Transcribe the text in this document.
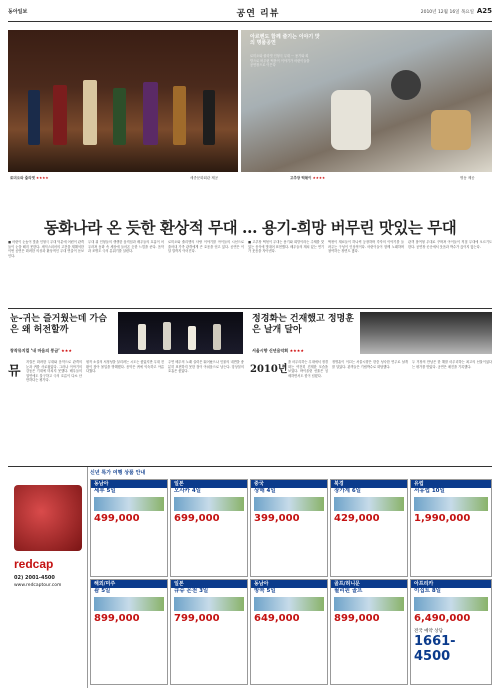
동아일보	공연 리뷰	2010년 12월 16일 목요일 A25
아르헨도 함께 즐기는 이야기 맛의 명품공연
로미오와 줄리엣 인형극 무대 ··· 용기와 희망으로 버무린 떡볶이 이야기가 어린이들을 공연장으로 이끈다
로미오와 줄리엣 ★★★★	세종문화회관 제공	고추장 떡볶이 ★★★★	명동 제공
동화나라 온 듯한 환상적 무대 … 용기-희망 버무린 맛있는 무대
■ 어린이 눈높이 맞춘 인형극 무대 덕분에 어린이 관객들이 눈을 떼지 못한다. 셰익스피어의 고전을 재해석한 이번 공연은 화려한 의상과 환상적인 무대 연출이 돋보인다.
무대 위 인형들의 생생한 움직임과 배우들의 호흡이 어우러져 동화 속 세상에 들어온 듯한 느낌을 준다. 음악과 조명도 극의 분위기를 살린다.
로미오와 줄리엣의 사랑 이야기를 아이들의 시선으로 풀어내 가족 관객에게 큰 호응을 얻고 있다. 공연은 이달 말까지 이어진다.
■ 고추장 떡볶이 무대는 용기와 희망이라는 주제를 맛있는 음식에 빗대어 표현했다. 배우들의 재치 있는 연기가 웃음을 자아낸다.
떡볶이 재료들이 하나씩 등장하며 각자의 이야기를 들려주는 구성이 인상적이다. 어린이들이 함께 노래하며 참여하는 장면도 많다.
관객 참여형 무대로 꾸며져 아이들이 직접 무대에 오르기도 한다. 공연장 곳곳에서 웃음과 박수가 끊이지 않는다.
눈-귀는 즐거웠는데 가슴은 왜 허전할까
창작뮤지컬 ‘내 마음의 풍금’ ★★★
정경화는 건재했고 정명훈은 날개 달아
서울시향 신년음악회 ★★★★
뮤
지컬은 화려한 무대와 음악으로 관객의 눈과 귀를 사로잡았다. 그러나 이야기의 감동은 기대에 미치지 못했다. 배우들의 열연에도 불구하고 극의 흐름이 다소 산만하다는 평가다.
원작 소설의 서정성을 살리려는 시도는 좋았지만 무대 전환이 잦아 몰입을 방해했다. 음악은 귀에 익숙하고 아름다웠다.
주연 배우의 노래 실력은 뛰어났으나 인물의 내면을 충분히 표현하지 못한 점이 아쉬움으로 남는다. 앙상블의 호흡은 좋았다.	2010년
을 마무리하는 무대에서 정경화는 여전히 건재한 모습을 보였다. 바이올린 선율은 섬세하면서도 힘이 넘쳤다.
정명훈이 이끄는 서울시향은 한층 성숙한 연주로 날개를 달았다. 관객들은 기립박수로 화답했다.
두 거장의 만남은 한 해를 마무리하는 최고의 선물이었다는 평가를 받았다. 공연은 매진을 기록했다.
redcap
02) 2001-4500
www.redcaptour.com
신년 특가 여행 상품 안내
동남아
세부 5일
499,000
일본
오사카 4일
699,000
중국
상해 4일
399,000
북경
장가계 6일
429,000
유럽
서유럽 10일
1,990,000
해외/미주
괌 5일
899,000
일본
큐슈 온천 3일
799,000
동남아
방콕 5일
649,000
골프/허니문
필리핀 골프
899,000
아프리카
이집트 8일
6,490,000
전국 예약 상담
1661-4500
